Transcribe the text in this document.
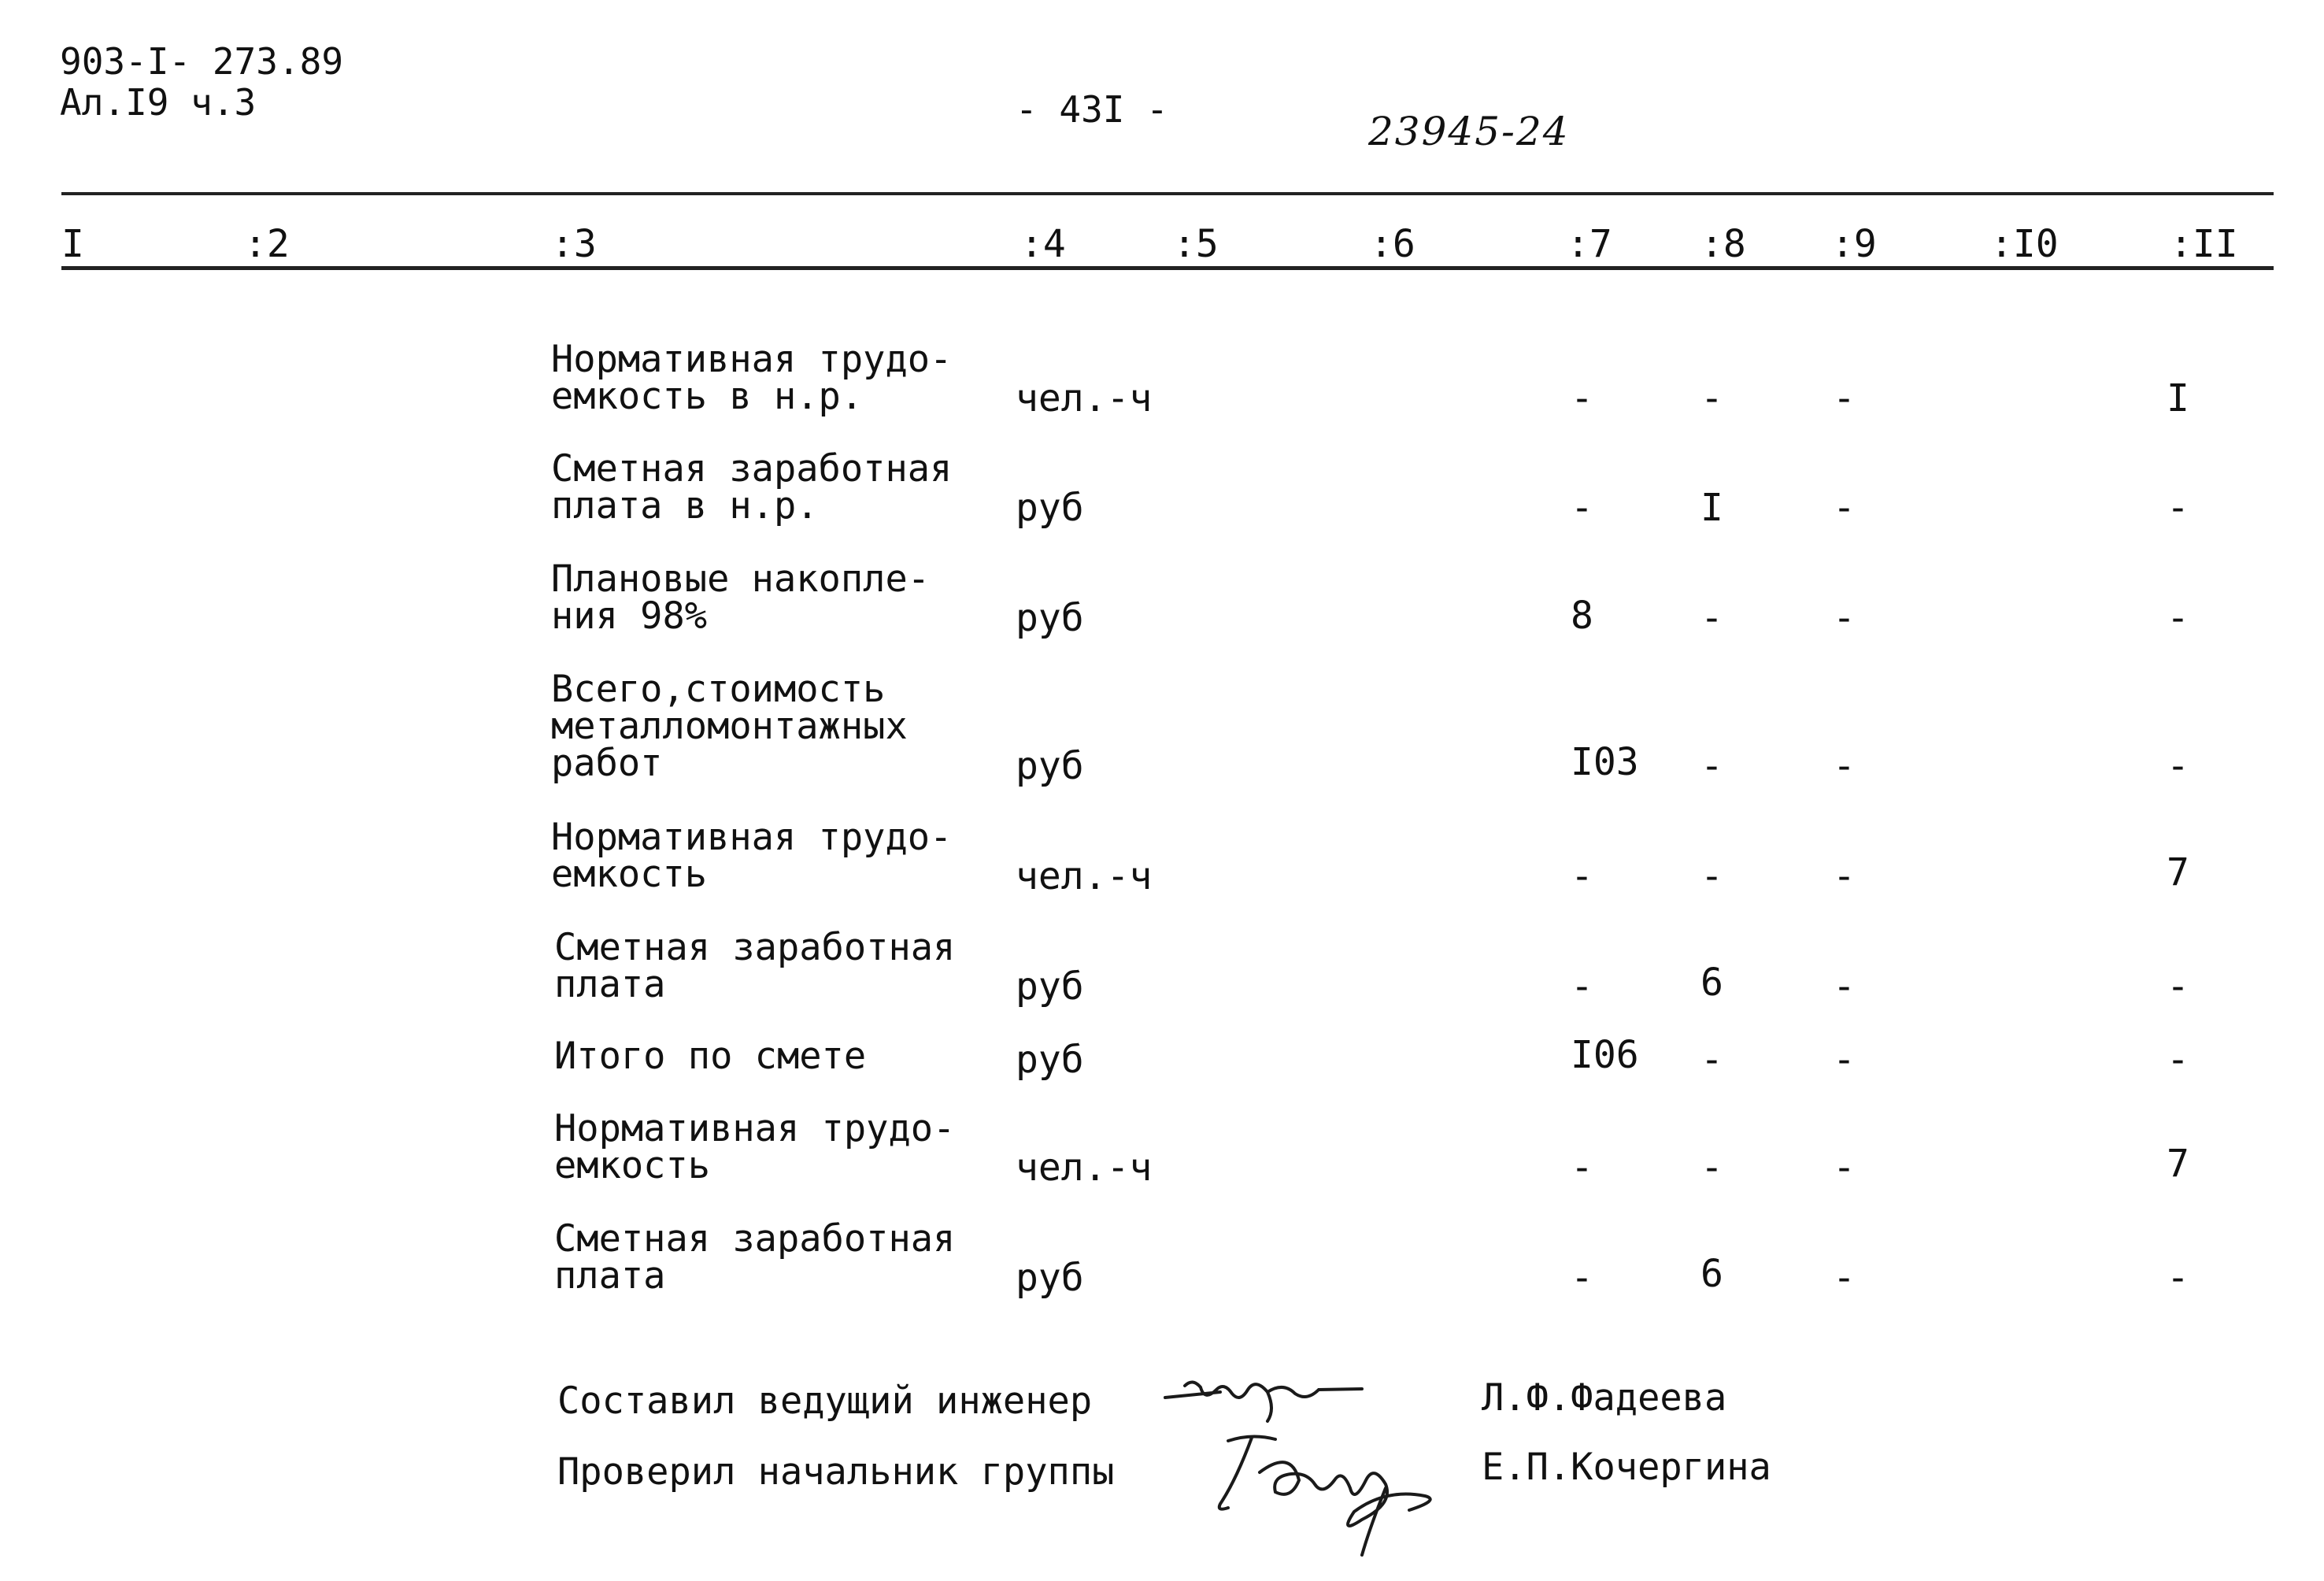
903-I- 273.89
Ал.I9 ч.3	- 43I -	23945-24
I	:2	:3	:4	:5	:6	:7 :8 :9	:I0	:II
Нормативная трудо-
емкость в н.р.	чел.-ч	-	-	-	I
Сметная заработная
плата в н.р.	руб	-	I	-	-
Плановые накопле-
ния 98%	руб	8	-	-	-
Всего,стоимость
металломонтажных
работ	руб	I03 -	-	-
Нормативная трудо-
емкость	чел.-ч	-	-	-	7
Сметная заработная
плата	руб	-	6	-	-
Итого по смете	руб	I06 -	-	-
Нормативная трудо-
емкость	чел.-ч	-	-	-	7
Сметная заработная
плата	руб	-	6	-	-
Составил ведущий инженер	Л.Ф.Фадеева
Проверил начальник группы	Е.П.Кочергина
